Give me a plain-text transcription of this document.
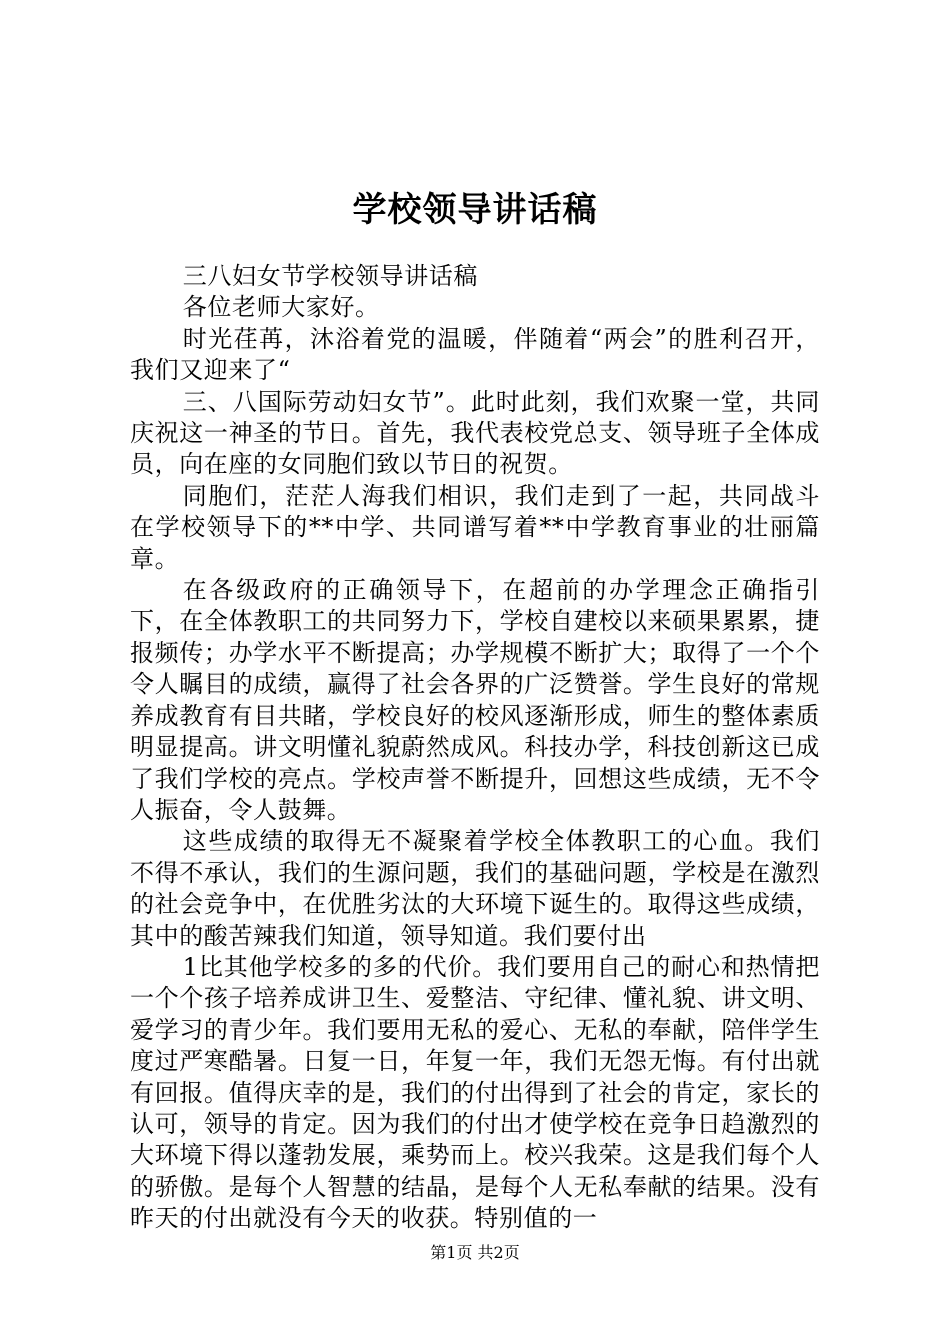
学校领导讲话稿

三八妇女节学校领导讲话稿

各位老师大家好。

时光荏苒，沐浴着党的温暖，伴随着“两会”的胜利召开，我们又迎来了“

三、八国际劳动妇女节”。此时此刻，我们欢聚一堂，共同庆祝这一神圣的节日。首先，我代表校党总支、领导班子全体成员，向在座的女同胞们致以节日的祝贺。

同胞们，茫茫人海我们相识，我们走到了一起，共同战斗在学校领导下的**中学、共同谱写着**中学教育事业的壮丽篇章。

在各级政府的正确领导下，在超前的办学理念正确指引下，在全体教职工的共同努力下，学校自建校以来硕果累累，捷报频传；办学水平不断提高；办学规模不断扩大；取得了一个个令人瞩目的成绩，赢得了社会各界的广泛赞誉。学生良好的常规养成教育有目共睹，学校良好的校风逐渐形成，师生的整体素质明显提高。讲文明懂礼貌蔚然成风。科技办学，科技创新这已成了我们学校的亮点。学校声誉不断提升，回想这些成绩，无不令人振奋，令人鼓舞。

这些成绩的取得无不凝聚着学校全体教职工的心血。我们不得不承认，我们的生源问题，我们的基础问题，学校是在激烈的社会竞争中，在优胜劣汰的大环境下诞生的。取得这些成绩，其中的酸苦辣我们知道，领导知道。我们要付出

1比其他学校多的多的代价。我们要用自己的耐心和热情把一个个孩子培养成讲卫生、爱整洁、守纪律、懂礼貌、讲文明、爱学习的青少年。我们要用无私的爱心、无私的奉献，陪伴学生度过严寒酷暑。日复一日，年复一年，我们无怨无悔。有付出就有回报。值得庆幸的是，我们的付出得到了社会的肯定，家长的认可，领导的肯定。因为我们的付出才使学校在竞争日趋激烈的大环境下得以蓬勃发展，乘势而上。校兴我荣。这是我们每个人的骄傲。是每个人智慧的结晶，是每个人无私奉献的结果。没有昨天的付出就没有今天的收获。特别值的一

第1页 共2页
